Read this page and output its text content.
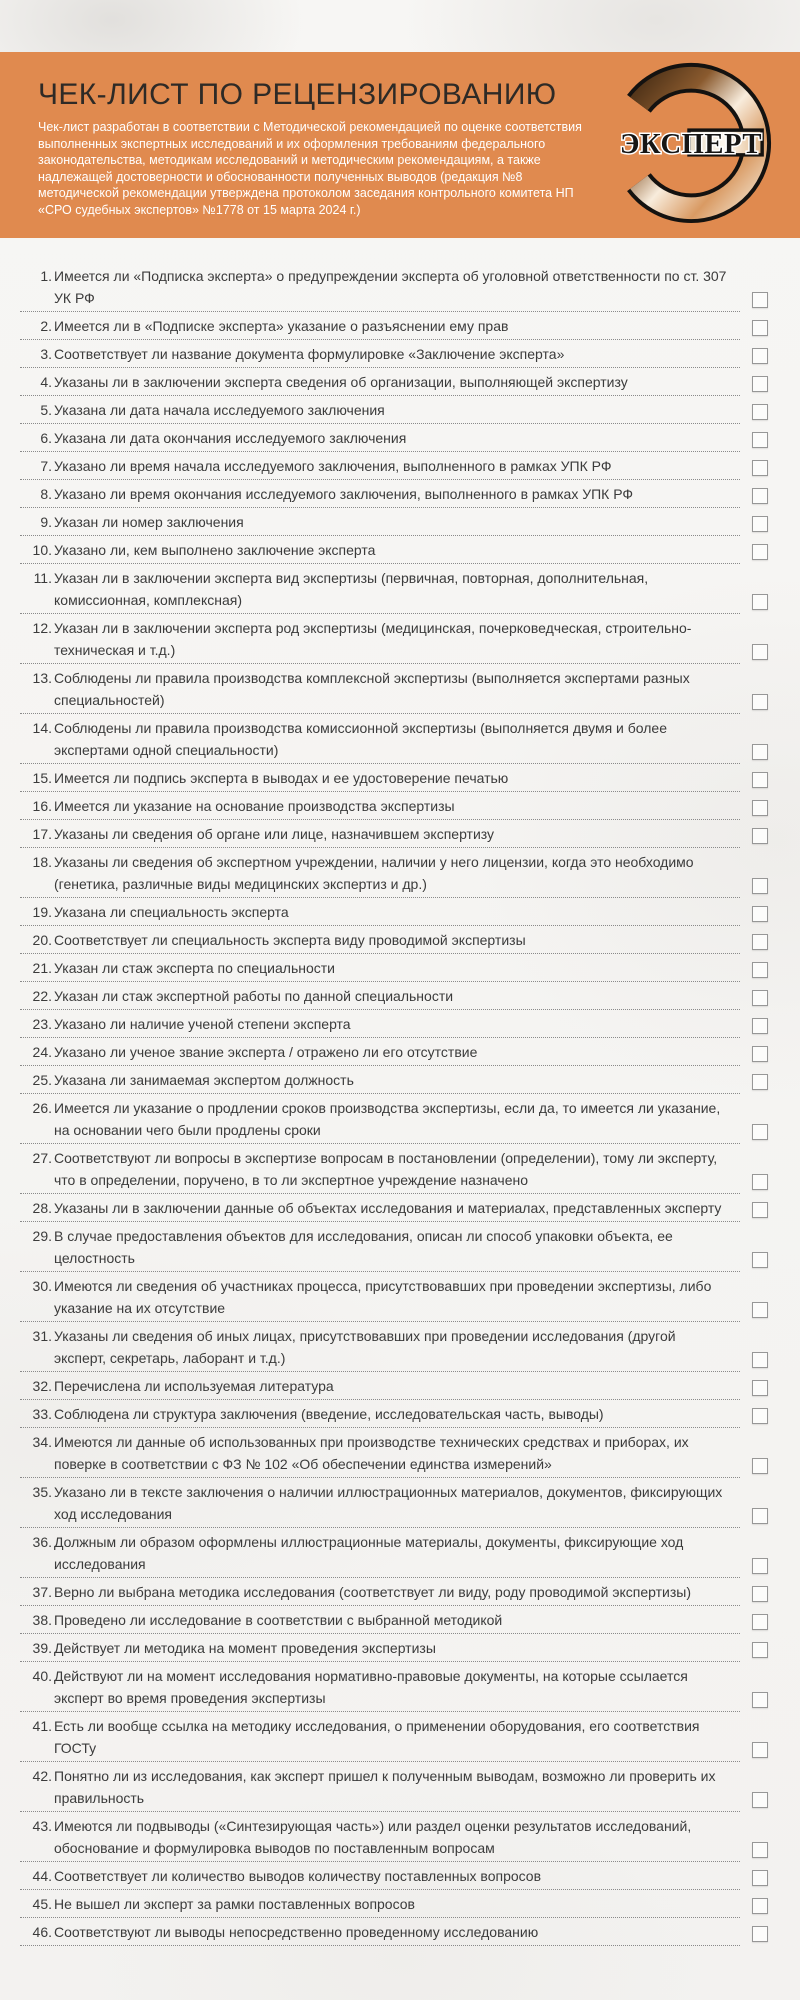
ЧЕК-ЛИСТ ПО РЕЦЕНЗИРОВАНИЮ

Чек-лист разработан в соответствии с Методической рекомендацией по оценке соответствия выполненных экспертных исследований и их оформления требованиям федерального законодательства, методикам исследований и методическим рекомендациям, а также надлежащей достоверности и обоснованности полученных выводов (редакция №8 методической рекомендации утверждена протоколом заседания контрольного комитета НП «СРО судебных экспертов» №1778 от 15 марта 2024 г.)

ЭКСПЕРТ
1. Имеется ли «Подписка эксперта» о предупреждении эксперта об уголовной ответственности по ст. 307 УК РФ
2. Имеется ли в «Подписке эксперта» указание о разъяснении ему прав
3. Соответствует ли название документа формулировке «Заключение эксперта»
4. Указаны ли в заключении эксперта сведения об организации, выполняющей экспертизу
5. Указана ли дата начала исследуемого заключения
6. Указана ли дата окончания исследуемого заключения
7. Указано ли время начала исследуемого заключения, выполненного в рамках УПК РФ
8. Указано ли время окончания исследуемого заключения, выполненного в рамках УПК РФ
9. Указан ли номер заключения
10. Указано ли, кем выполнено заключение эксперта
11. Указан ли в заключении эксперта вид экспертизы (первичная, повторная, дополнительная, комиссионная, комплексная)
12. Указан ли в заключении эксперта род экспертизы (медицинская, почерковедческая, строительно-техническая и т.д.)
13. Соблюдены ли правила производства комплексной экспертизы (выполняется экспертами разных специальностей)
14. Соблюдены ли правила производства комиссионной экспертизы (выполняется двумя и более экспертами одной специальности)
15. Имеется ли подпись эксперта в выводах и ее удостоверение печатью
16. Имеется ли указание на основание производства экспертизы
17. Указаны ли сведения об органе или лице, назначившем экспертизу
18. Указаны ли сведения об экспертном учреждении, наличии у него лицензии, когда это необходимо (генетика, различные виды медицинских экспертиз и др.)
19. Указана ли специальность эксперта
20. Соответствует ли специальность эксперта виду проводимой экспертизы
21. Указан ли стаж эксперта по специальности
22. Указан ли стаж экспертной работы по данной специальности
23. Указано ли наличие ученой степени эксперта
24. Указано ли ученое звание эксперта / отражено ли его отсутствие
25. Указана ли занимаемая экспертом должность
26. Имеется ли указание о продлении сроков производства экспертизы, если да, то имеется ли указание, на основании чего были продлены сроки
27. Соответствуют ли вопросы в экспертизе вопросам в постановлении (определении), тому ли эксперту, что в определении, поручено, в то ли экспертное учреждение назначено
28. Указаны ли в заключении данные об объектах исследования и материалах, представленных эксперту
29. В случае предоставления объектов для исследования, описан ли способ упаковки объекта, ее целостность
30. Имеются ли сведения об участниках процесса, присутствовавших при проведении экспертизы, либо указание на их отсутствие
31. Указаны ли сведения об иных лицах, присутствовавших при проведении исследования (другой эксперт, секретарь, лаборант и т.д.)
32. Перечислена ли используемая литература
33. Соблюдена ли структура заключения (введение, исследовательская часть, выводы)
34. Имеются ли данные об использованных при производстве технических средствах и приборах, их поверке в соответствии с ФЗ № 102 «Об обеспечении единства измерений»
35. Указано ли в тексте заключения о наличии иллюстрационных материалов, документов, фиксирующих ход исследования
36. Должным ли образом оформлены иллюстрационные материалы, документы, фиксирующие ход исследования
37. Верно ли выбрана методика исследования (соответствует ли виду, роду проводимой экспертизы)
38. Проведено ли исследование в соответствии с выбранной методикой
39. Действует ли методика на момент проведения экспертизы
40. Действуют ли на момент исследования нормативно-правовые документы, на которые ссылается эксперт во время проведения экспертизы
41. Есть ли вообще ссылка на методику исследования, о применении оборудования, его соответствия ГОСТу
42. Понятно ли из исследования, как эксперт пришел к полученным выводам, возможно ли проверить их правильность
43. Имеются ли подвыводы («Синтезирующая часть») или раздел оценки результатов исследований, обоснование и формулировка выводов по поставленным вопросам
44. Соответствует ли количество выводов количеству поставленных вопросов
45. Не вышел ли эксперт за рамки поставленных вопросов
46. Соответствуют ли выводы непосредственно проведенному исследованию
